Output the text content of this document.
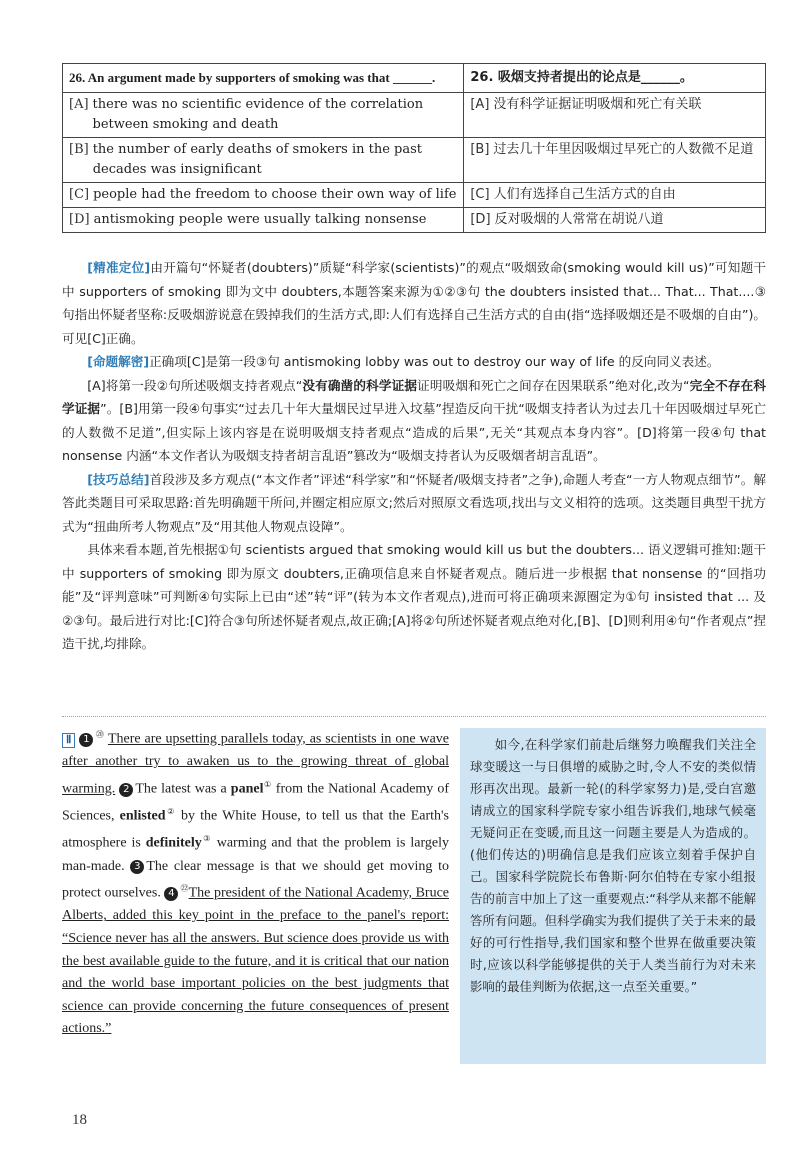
26. An argument made by supporters of smoking was that ______.	26. 吸烟支持者提出的论点是______。

[A] there was no scientific evidence of the correlation between smoking and death	[A] 没有科学证据证明吸烟和死亡有关联

[B] the number of early deaths of smokers in the past decades was insignificant	[B] 过去几十年里因吸烟过早死亡的人数微不足道

[C] people had the freedom to choose their own way of life	[C] 人们有选择自己生活方式的自由

[D] antismoking people were usually talking nonsense	[D] 反对吸烟的人常常在胡说八道

[精准定位]由开篇句“怀疑者(doubters)”质疑“科学家(scientists)”的观点“吸烟致命(smoking would kill us)”可知题干中 supporters of smoking 即为文中 doubters,本题答案来源为①②③句 the doubters insisted that... That... That....③句指出怀疑者坚称:反吸烟游说意在毁掉我们的生活方式,即:人们有选择自己生活方式的自由(指“选择吸烟还是不吸烟的自由”)。可见[C]正确。

[命题解密]正确项[C]是第一段③句 antismoking lobby was out to destroy our way of life 的反向同义表述。

[A]将第一段②句所述吸烟支持者观点“没有确凿的科学证据证明吸烟和死亡之间存在因果联系”绝对化,改为“完全不存在科学证据”。[B]用第一段④句事实“过去几十年大量烟民过早进入坟墓”捏造反向干扰“吸烟支持者认为过去几十年因吸烟过早死亡的人数微不足道”,但实际上该内容是在说明吸烟支持者观点“造成的后果”,无关“其观点本身内容”。[D]将第一段④句 that nonsense 内涵“本文作者认为吸烟支持者胡言乱语”篡改为“吸烟支持者认为反吸烟者胡言乱语”。

[技巧总结]首段涉及多方观点(“本文作者”评述“科学家”和“怀疑者/吸烟支持者”之争),命题人考查“一方人物观点细节”。解答此类题目可采取思路:首先明确题干所问,并圈定相应原文;然后对照原文看选项,找出与文义相符的选项。这类题目典型干扰方式为“扭曲所考人物观点”及“用其他人物观点设障”。

具体来看本题,首先根据①句 scientists argued that smoking would kill us but the doubters... 语义逻辑可推知:题干中 supporters of smoking 即为原文 doubters,正确项信息来自怀疑者观点。随后进一步根据 that nonsense 的“回指功能”及“评判意味”可判断④句实际上已由“述”转“评”(转为本文作者观点),进而可将正确项来源圈定为①句 insisted that ... 及②③句。最后进行对比:[C]符合③句所述怀疑者观点,故正确;[A]将②句所述怀疑者观点绝对化,[B]、[D]则利用④句“作者观点”捏造干扰,均排除。

Ⅱ 1 ⑳ There are upsetting parallels today, as scientists in one wave after another try to awaken us to the growing threat of global warming. 2 The latest was a panel① from the National Academy of Sciences, enlisted② by the White House, to tell us that the Earth's atmosphere is definitely③ warming and that the problem is largely man-made. 3 The clear message is that we should get moving to protect ourselves. 4 $^㉒$The president of the National Academy, Bruce Alberts, added this key point in the preface to the panel's report: “Science never has all the answers. But science does provide us with the best available guide to the future, and it is critical that our nation and the world base important policies on the best judgments that science can provide concerning the future consequences of present actions.”

如今,在科学家们前赴后继努力唤醒我们关注全球变暖这一与日俱增的威胁之时,令人不安的类似情形再次出现。最新一轮(的科学家努力)是,受白宫邀请成立的国家科学院专家小组告诉我们,地球气候毫无疑问正在变暖,而且这一问题主要是人为造成的。(他们传达的)明确信息是我们应该立刻着手保护自己。国家科学院院长布鲁斯·阿尔伯特在专家小组报告的前言中加上了这一重要观点:“科学从来都不能解答所有问题。但科学确实为我们提供了关于未来的最好的可行性指导,我们国家和整个世界在做重要决策时,应该以科学能够提供的关于人类当前行为对未来影响的最佳判断为依据,这一点至关重要。”

18
